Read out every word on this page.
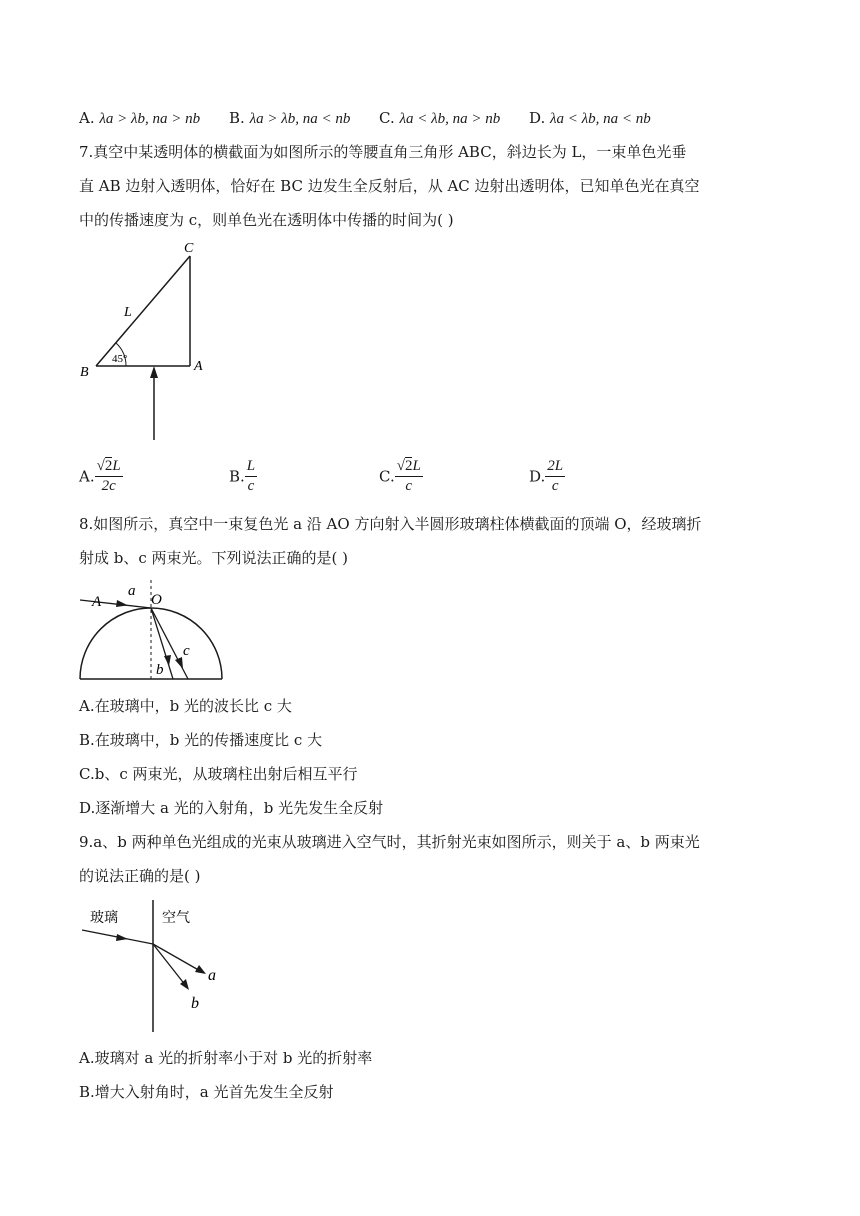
A. λa > λb, na > nb B. λa > λb, na < nb C. λa < λb, na > nb D. λa < λb, na < nb
7.真空中某透明体的横截面为如图所示的等腰直角三角形 ABC，斜边长为 L，一束单色光垂
直 AB 边射入透明体，恰好在 BC 边发生全反射后，从 AC 边射出透明体，已知单色光在真空
中的传播速度为 c，则单色光在透明体中传播的时间为( )
C
L
45°
B	A
A. $\frac{√2L}{2c}$	B. $\frac{L}{c}$	C. $\frac{√2L}{c}$	D. $\frac{2L}{c}$
8.如图所示，真空中一束复色光 a 沿 AO 方向射入半圆形玻璃柱体横截面的顶端 O，经玻璃折
射成 b、c 两束光。下列说法正确的是( )
A
a
O
b
c
A.在玻璃中，b 光的波长比 c 大
B.在玻璃中，b 光的传播速度比 c 大
C.b、c 两束光，从玻璃柱出射后相互平行
D.逐渐增大 a 光的入射角，b 光先发生全反射
9.a、b 两种单色光组成的光束从玻璃进入空气时，其折射光束如图所示，则关于 a、b 两束光
的说法正确的是( )
玻璃	空气
a
b
A.玻璃对 a 光的折射率小于对 b 光的折射率
B.增大入射角时，a 光首先发生全反射
